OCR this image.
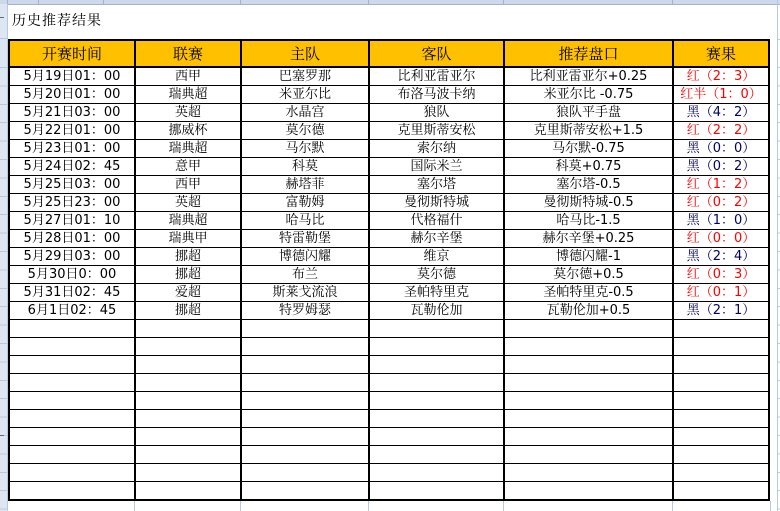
历史推荐结果
开赛时间	联赛	主队	客队	推荐盘口	赛果
5月19日01：00	西甲	巴塞罗那	比利亚雷亚尔	比利亚雷亚尔+0.25	红（2：3）
5月20日01：00	瑞典超	米亚尔比	布洛马波卡纳	米亚尔比 -0.75	红半（1：0）
5月21日03：00	英超	水晶宫	狼队	狼队平手盘	黑（4：2）
5月22日01：00	挪威杯	莫尔德	克里斯蒂安松	克里斯蒂安松+1.5	红（2：2）
5月23日01：00	瑞典超	马尔默	索尔纳	马尔默-0.75	黑（0：0）
5月24日02：45	意甲	科莫	国际米兰	科莫+0.75	黑（0：2）
5月25日03：00	西甲	赫塔菲	塞尔塔	塞尔塔-0.5	红（1：2）
5月25日23：00	英超	富勒姆	曼彻斯特城	曼彻斯特城-0.5	红（0：2）
5月27日01：10	瑞典超	哈马比	代格福什	哈马比-1.5	黑（1：0）
5月28日01：00	瑞典甲	特雷勒堡	赫尔辛堡	赫尔辛堡+0.25	红（0：0）
5月29日03：00	挪超	博德闪耀	维京	博德闪耀-1	黑（2：4）
5月30日0：00	挪超	布兰	莫尔德	莫尔德+0.5	红（0：3）
5月31日02：45	爱超	斯莱戈流浪	圣帕特里克	圣帕特里克-0.5	红（0：1）
6月1日02：45	挪超	特罗姆瑟	瓦勒伦加	瓦勒伦加+0.5	黑（2：1）
